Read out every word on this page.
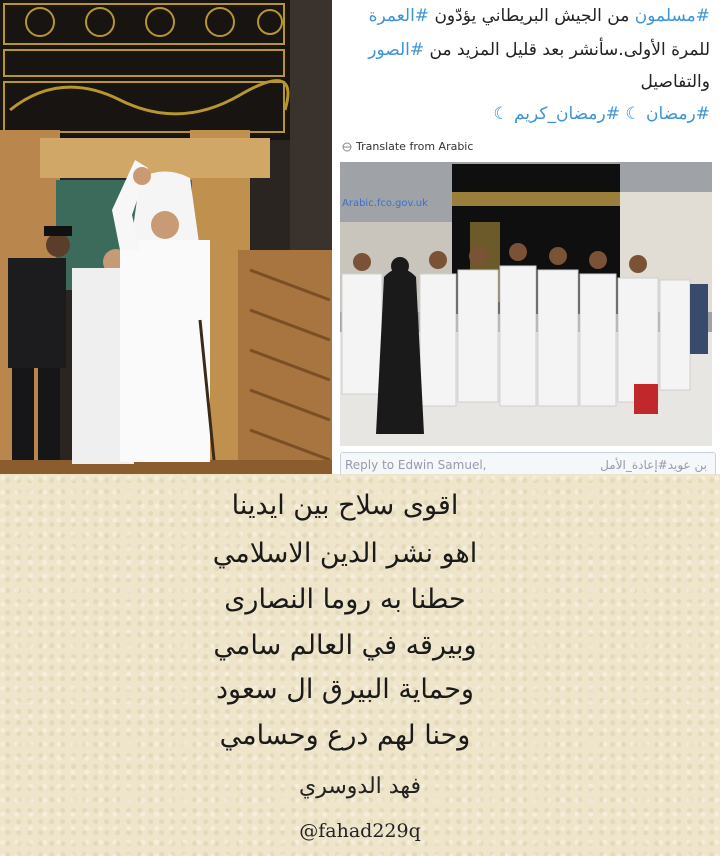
#مسلمون من الجيش البريطاني يؤدّون #العمرة
للمرة الأولى.سأنشر بعد قليل المزيد من #الصور
والتفاصيل
#رمضان ☾ #رمضان_كريم ☾
Translate from Arabic
Arabic.fco.gov.uk
Reply to Edwin Samuel,	بن عويد#إعادة_الأمل
اقوى سلاح بين ايدينا
اهو نشر الدين الاسلامي
حطنا به روما النصارى
وبيرقه في العالم سامي
وحماية البيرق ال سعود
وحنا لهم درع وحسامي
فهد الدوسري
@fahad229q
